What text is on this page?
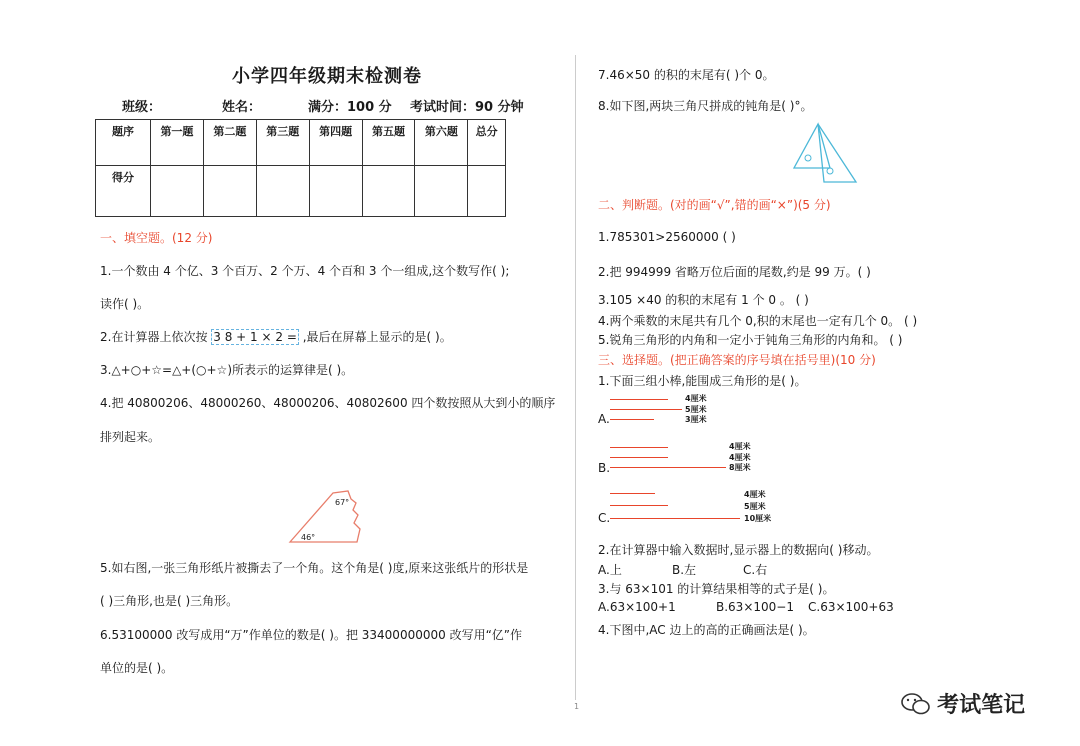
小学四年级期末检测卷
班级：	姓名：	满分：100 分 考试时间：90 分钟
题序	第一题	第二题	第三题	第四题	第五题	第六题	总分
得分							
一、填空题。(12 分)
1.一个数由 4 个亿、3 个百万、2 个万、4 个百和 3 个一组成,这个数写作( );
读作( )。
2.在计算器上依次按 3 8 + 1 × 2 = ,最后在屏幕上显示的是( )。
3.△+○+☆=△+(○+☆)所表示的运算律是( )。
4.把 40800206、48000260、48000206、40802600 四个数按照从大到小的顺序
排列起来。
67°
46°
5.如右图,一张三角形纸片被撕去了一个角。这个角是( )度,原来这张纸片的形状是
( )三角形,也是( )三角形。
6.53100000 改写成用“万”作单位的数是( )。把 33400000000 改写用“亿”作
单位的是( )。
1
7.46×50 的积的末尾有( )个 0。
8.如下图,两块三角尺拼成的钝角是( )°。
二、判断题。(对的画“√”,错的画“×”)(5 分)
1.785301>2560000 ( )
2.把 994999 省略万位后面的尾数,约是 99 万。( )
3.105 ×40 的积的末尾有 1 个 0 。 ( )
4.两个乘数的末尾共有几个 0,积的末尾也一定有几个 0。 ( )
5.锐角三角形的内角和一定小于钝角三角形的内角和。 ( )
三、选择题。(把正确答案的序号填在括号里)(10 分)
1.下面三组小棒,能围成三角形的是( )。
A.
4厘米
5厘米
3厘米
B.
4厘米
4厘米
8厘米
C.
4厘米
5厘米
10厘米
2.在计算器中输入数据时,显示器上的数据向( )移动。
A.上	B.左	C.右
3.与 63×101 的计算结果相等的式子是( )。
A.63×100+1	B.63×100−1 C.63×100+63
4.下图中,AC 边上的高的正确画法是( )。
考试笔记
